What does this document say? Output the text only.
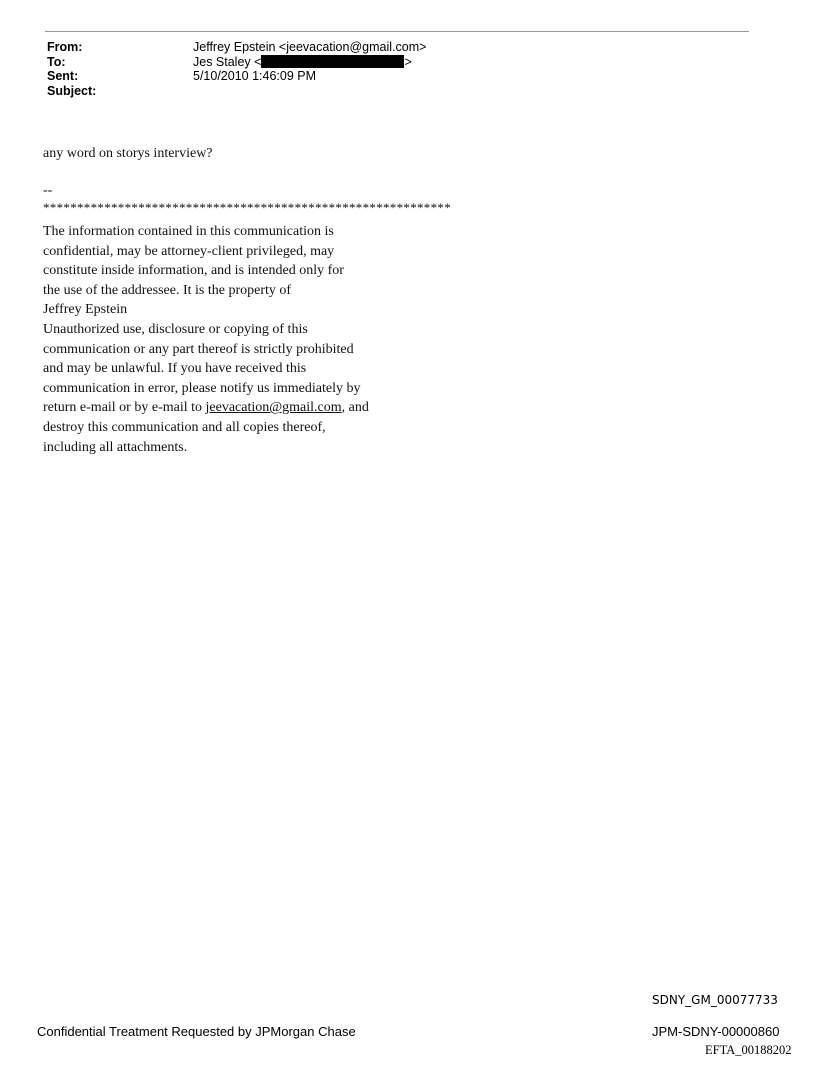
From:	Jeffrey Epstein <jeevacation@gmail.com>
To:	Jes Staley <	>
Sent:	5/10/2010 1:46:09 PM
Subject:
any word on storys interview?
--
************************************************************
The information contained in this communication is
confidential, may be attorney-client privileged, may
constitute inside information, and is intended only for
the use of the addressee. It is the property of
Jeffrey Epstein
Unauthorized use, disclosure or copying of this
communication or any part thereof is strictly prohibited
and may be unlawful. If you have received this
communication in error, please notify us immediately by
return e-mail or by e-mail to jeevacation@gmail.com, and
destroy this communication and all copies thereof,
including all attachments.
SDNY_GM_00077733
Confidential Treatment Requested by JPMorgan Chase	JPM-SDNY-00000860
EFTA_00188202
